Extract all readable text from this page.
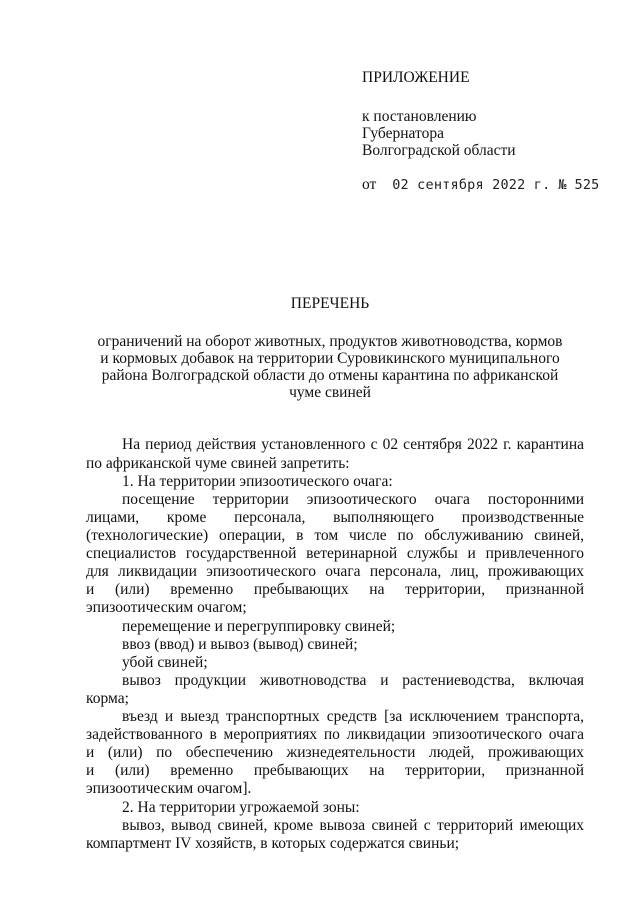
ПРИЛОЖЕНИЕ
к постановлению
Губернатора
Волгоградской области
от 02 сентября 2022 г. № 525
ПЕРЕЧЕНЬ
ограничений на оборот животных, продуктов животноводства, кормов
и кормовых добавок на территории Суровикинского муниципального
района Волгоградской области до отмены карантина по африканской
чуме свиней
На период действия установленного с 02 сентября 2022 г. карантина
по африканской чуме свиней запретить:
1. На территории эпизоотического очага:
посещение территории эпизоотического очага посторонними
лицами, кроме персонала, выполняющего производственные
(технологические) операции, в том числе по обслуживанию свиней,
специалистов государственной ветеринарной службы и привлеченного
для ликвидации эпизоотического очага персонала, лиц, проживающих
и (или) временно пребывающих на территории, признанной
эпизоотическим очагом;
перемещение и перегруппировку свиней;
ввоз (ввод) и вывоз (вывод) свиней;
убой свиней;
вывоз продукции животноводства и растениеводства, включая
корма;
въезд и выезд транспортных средств [за исключением транспорта,
задействованного в мероприятиях по ликвидации эпизоотического очага
и (или) по обеспечению жизнедеятельности людей, проживающих
и (или) временно пребывающих на территории, признанной
эпизоотическим очагом].
2. На территории угрожаемой зоны:
вывоз, вывод свиней, кроме вывоза свиней с территорий имеющих
компартмент IV хозяйств, в которых содержатся свиньи;
